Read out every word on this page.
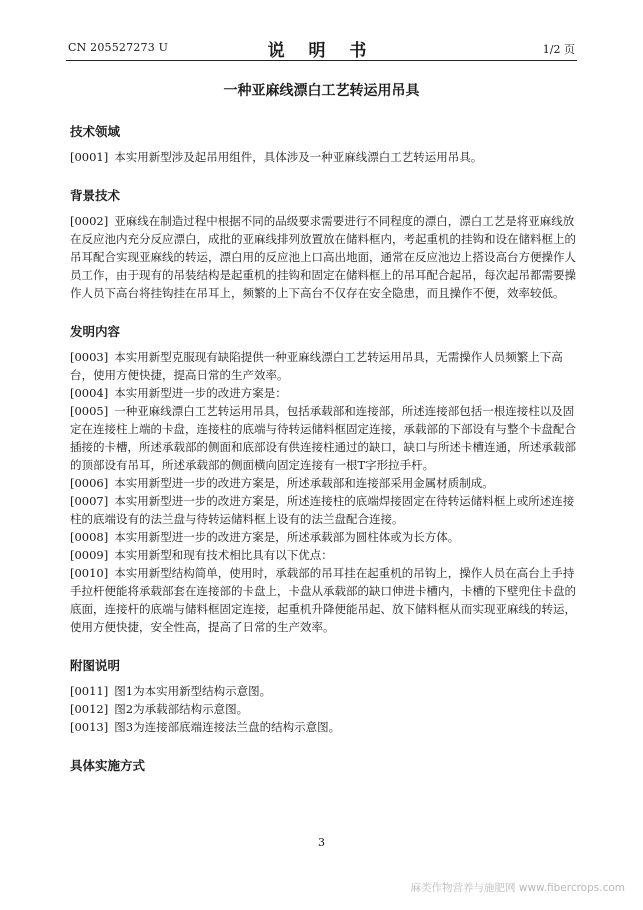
CN 205527273 U	说 明 书	1/2 页
一种亚麻线漂白工艺转运用吊具
技术领域
[0001] 本实用新型涉及起吊用组件，具体涉及一种亚麻线漂白工艺转运用吊具。
背景技术
[0002] 亚麻线在制造过程中根据不同的品级要求需要进行不同程度的漂白，漂白工艺是将亚麻线放在反应池内充分反应漂白，成批的亚麻线排列放置放在储料框内，考起重机的挂钩和设在储料框上的吊耳配合实现亚麻线的转运，漂白用的反应池上口高出地面，通常在反应池边上搭设高台方便操作人员工作，由于现有的吊装结构是起重机的挂钩和固定在储料框上的吊耳配合起吊，每次起吊都需要操作人员下高台将挂钩挂在吊耳上，频繁的上下高台不仅存在安全隐患，而且操作不便，效率较低。
发明内容
[0003] 本实用新型克服现有缺陷提供一种亚麻线漂白工艺转运用吊具，无需操作人员频繁上下高台，使用方便快捷，提高日常的生产效率。
[0004] 本实用新型进一步的改进方案是：
[0005] 一种亚麻线漂白工艺转运用吊具，包括承载部和连接部，所述连接部包括一根连接柱以及固定在连接柱上端的卡盘，连接柱的底端与待转运储料框固定连接，承载部的下部设有与整个卡盘配合插接的卡槽，所述承载部的侧面和底部设有供连接柱通过的缺口，缺口与所述卡槽连通，所述承载部的顶部设有吊耳，所述承载部的侧面横向固定连接有一根T字形拉手杆。
[0006] 本实用新型进一步的改进方案是，所述承载部和连接部采用金属材质制成。
[0007] 本实用新型进一步的改进方案是，所述连接柱的底端焊接固定在待转运储料框上或所述连接柱的底端设有的法兰盘与待转运储料框上设有的法兰盘配合连接。
[0008] 本实用新型进一步的改进方案是，所述承载部为圆柱体或为长方体。
[0009] 本实用新型和现有技术相比具有以下优点：
[0010] 本实用新型结构简单，使用时，承载部的吊耳挂在起重机的吊钩上，操作人员在高台上手持手拉杆便能将承载部套在连接部的卡盘上，卡盘从承载部的缺口伸进卡槽内，卡槽的下壁兜住卡盘的底面，连接杆的底端与储料框固定连接，起重机升降便能吊起、放下储料框从而实现亚麻线的转运，使用方便快捷，安全性高，提高了日常的生产效率。
附图说明
[0011] 图1为本实用新型结构示意图。
[0012] 图2为承载部结构示意图。
[0013] 图3为连接部底端连接法兰盘的结构示意图。
具体实施方式
3
麻类作物营养与施肥网 www.fibercrops.com
